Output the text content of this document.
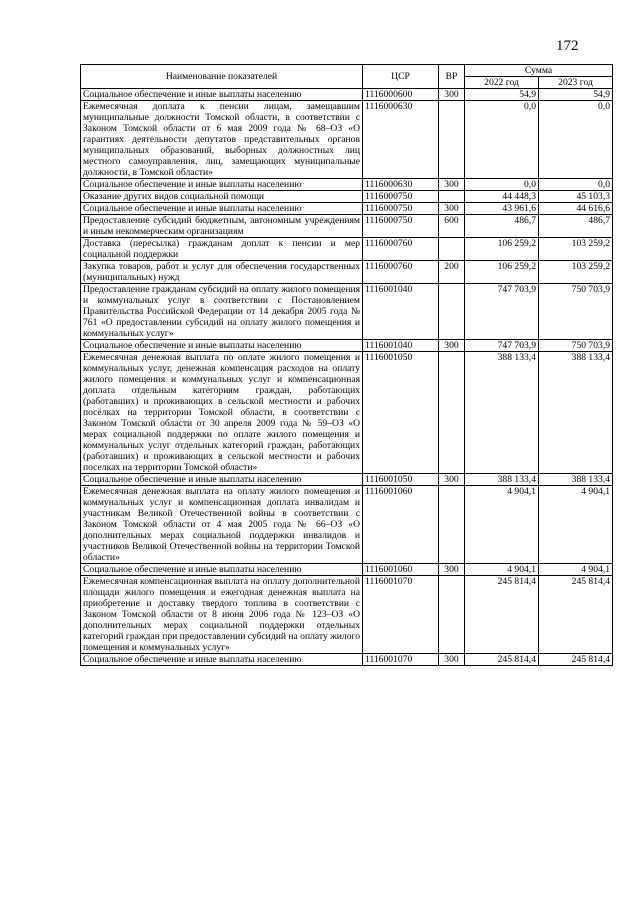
172
Наименование показателей	ЦСР	ВР	Сумма	
			2022 год	2023 год
Социальное обеспечение и иные выплаты населению	1116000600	300	54,9	54,9
Ежемесячная доплата к пенсии лицам, замещавшим муниципальные должности Томской области, в соответствии с Законом Томской области от 6 мая 2009 года № 68–ОЗ «О гарантиях деятельности депутатов представительных органов муниципальных образований, выборных должностных лиц местного самоуправления, лиц, замещающих муниципальные должности, в Томской области»	1116000630		0,0	0,0
Социальное обеспечение и иные выплаты населению	1116000630	300	0,0	0,0
Оказание других видов социальной помощи	1116000750		44 448,3	45 103,3
Социальное обеспечение и иные выплаты населению	1116000750	300	43 961,6	44 616,6
Предоставление субсидий бюджетным, автономным учреждениям и иным некоммерческим организациям	1116000750	600	486,7	486,7
Доставка (пересылка) гражданам доплат к пенсии и мер социальной поддержки	1116000760		106 259,2	103 259,2
Закупка товаров, работ и услуг для обеспечения государственных (муниципальных) нужд	1116000760	200	106 259,2	103 259,2
Предоставление гражданам субсидий на оплату жилого помещения и коммунальных услуг в соответствии с Постановлением Правительства Российской Федерации от 14 декабря 2005 года № 761 «О предоставлении субсидий на оплату жилого помещения и коммунальных услуг»	1116001040		747 703,9	750 703,9
Социальное обеспечение и иные выплаты населению	1116001040	300	747 703,9	750 703,9
Ежемесячная денежная выплата по оплате жилого помещения и коммунальных услуг, денежная компенсация расходов на оплату жилого помещения и коммунальных услуг и компенсационная доплата отдельным категориям граждан, работающих (работавших) и проживающих в сельской местности и рабочих посёлках на территории Томской области, в соответствии с Законом Томской области от 30 апреля 2009 года № 59–ОЗ «О мерах социальной поддержки по оплате жилого помещения и коммунальных услуг отдельных категорий граждан, работающих (работавших) и проживающих в сельской местности и рабочих поселках на территории Томской области»	1116001050		388 133,4	388 133,4
Социальное обеспечение и иные выплаты населению	1116001050	300	388 133,4	388 133,4
Ежемесячная денежная выплата на оплату жилого помещения и коммунальных услуг и компенсационная доплата инвалидам и участникам Великой Отечественной войны в соответствии с Законом Томской области от 4 мая 2005 года № 66–ОЗ «О дополнительных мерах социальной поддержки инвалидов и участников Великой Отечественной войны на территории Томской области»	1116001060		4 904,1	4 904,1
Социальное обеспечение и иные выплаты населению	1116001060	300	4 904,1	4 904,1
Ежемесячная компенсационная выплата на оплату дополнительной площади жилого помещения и ежегодная денежная выплата на приобретение и доставку твердого топлива в соответствии с Законом Томской области от 8 июня 2006 года № 123–ОЗ «О дополнительных мерах социальной поддержки отдельных категорий граждан при предоставлении субсидий на оплату жилого помещения и коммунальных услуг»	1116001070		245 814,4	245 814,4
Социальное обеспечение и иные выплаты населению	1116001070	300	245 814,4	245 814,4
